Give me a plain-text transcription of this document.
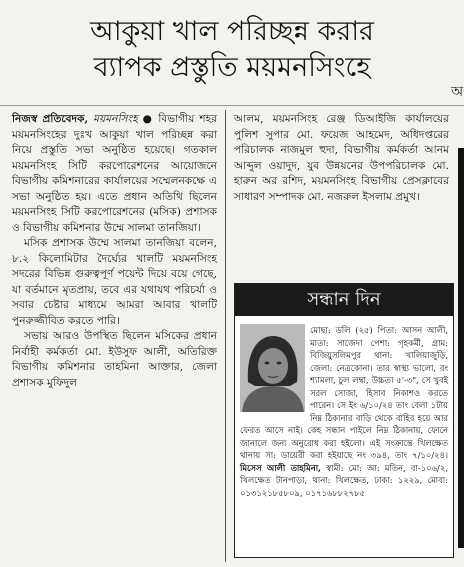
আকুয়া খাল পরিচ্ছন্ন করার
ব্যাপক প্রস্তুতি ময়মনসিংহে
অ

নিজস্ব প্রতিবেদক, ময়মনসিংহ ● বিভাগীয় শহর ময়মনসিংহের দুঃখ আকুয়া খাল পরিচ্ছন্ন করা নিয়ে প্রস্তুতি সভা অনুষ্ঠিত হয়েছে। গতকাল ময়মনসিংহ সিটি করপোরেশনের আয়োজনে বিভাগীয় কমিশনারের কার্যালয়ের সম্মেলনকক্ষে এ সভা অনুষ্ঠিত হয়। এতে প্রধান অতিথি ছিলেন ময়মনসিংহ সিটি করপোরেশনের (মসিক) প্রশাসক ও বিভাগীয় কমিশনার উম্মে সালমা তানজিয়া।

মসিক প্রশাসক উম্মে সালমা তানজিয়া বলেন, ৮.২ কিলোমিটার দৈর্ঘ্যের খালটি ময়মনসিংহ সদরের বিভিন্ন গুরুত্বপূর্ণ পয়েন্ট দিয়ে বয়ে গেছে, যা বর্তমানে মৃতপ্রায়, তবে এর যথাযথ পরিচর্যা ও সবার চেষ্টার মাধ্যমে আমরা আবার খালটি পুনরুজ্জীবিত করতে পারি।

সভায় আরও উপস্থিত ছিলেন মসিকের প্রধান নির্বাহী কর্মকর্তা মো. ইউসুফ আলী, অতিরিক্ত বিভাগীয় কমিশনার তাহমিনা আক্তার, জেলা প্রশাসক মুফিদুল

আলম, ময়মনসিংহ রেঞ্জ ডিআইজি কার্যালয়ের পুলিশ সুপার মো. ফয়েজ আহমেদ, অধিদপ্তরের পরিচালক নাজমুল হুদা, বিভাগীয় কর্মকর্তা আনম আব্দুল ওয়াদুদ, যুব উন্নয়নের উপপরিচালক মো. হারুন অর রশিদ, ময়মনসিংহ বিভাগীয় প্রেসক্লাবের সাধারণ সম্পাদক মো. নজরুল ইসলাম প্রমুখ।

সন্ধান দিন

মোছা: ডলি (২৫) পিতা: আসন আলী, মাতা: সাজেদা পেশা: গৃহকর্মী, গ্রাম: বিজিয়ুসলিমপুর থানা: খালিয়াজুড়ি, জেলা: নেত্রকোনা। তার স্বাস্থ্য ভালো, রং শ্যামলা, চুল লম্বা, উচ্চতা ৫'-৩", সে খুবই সরল সোজা, হিসাব নিকাশও করতে পারেন। সে ইং ৬/১০/২৪ তাং বেলা ১টায় নিম্ন ঠিকানার বাড়ি থেকে বাহির হয়ে আর ফেরত আসে নাই। কেহ সন্ধান পাইলে নিম্ন ঠিকানায়, ফোনে জানালে জন্য অনুরোধ করা হইলো। এই সংক্রান্তে খিলক্ষেত থানায় সা: ডায়েরী করা হইয়াছে নং ৩৯৪, তাং ৭/১০/২৪। মিসেস আলী তাহমিনা, স্বামী: মো: আ: মতিন, বা-১০৬/২, খিলক্ষেত টানপাড়া, থানা: খিলক্ষেত, ঢাকা: ১২২৯, মোবা: ০১৩১২১৮৫৮০৯, ০১৭১৬৮৮২৭৮৫
